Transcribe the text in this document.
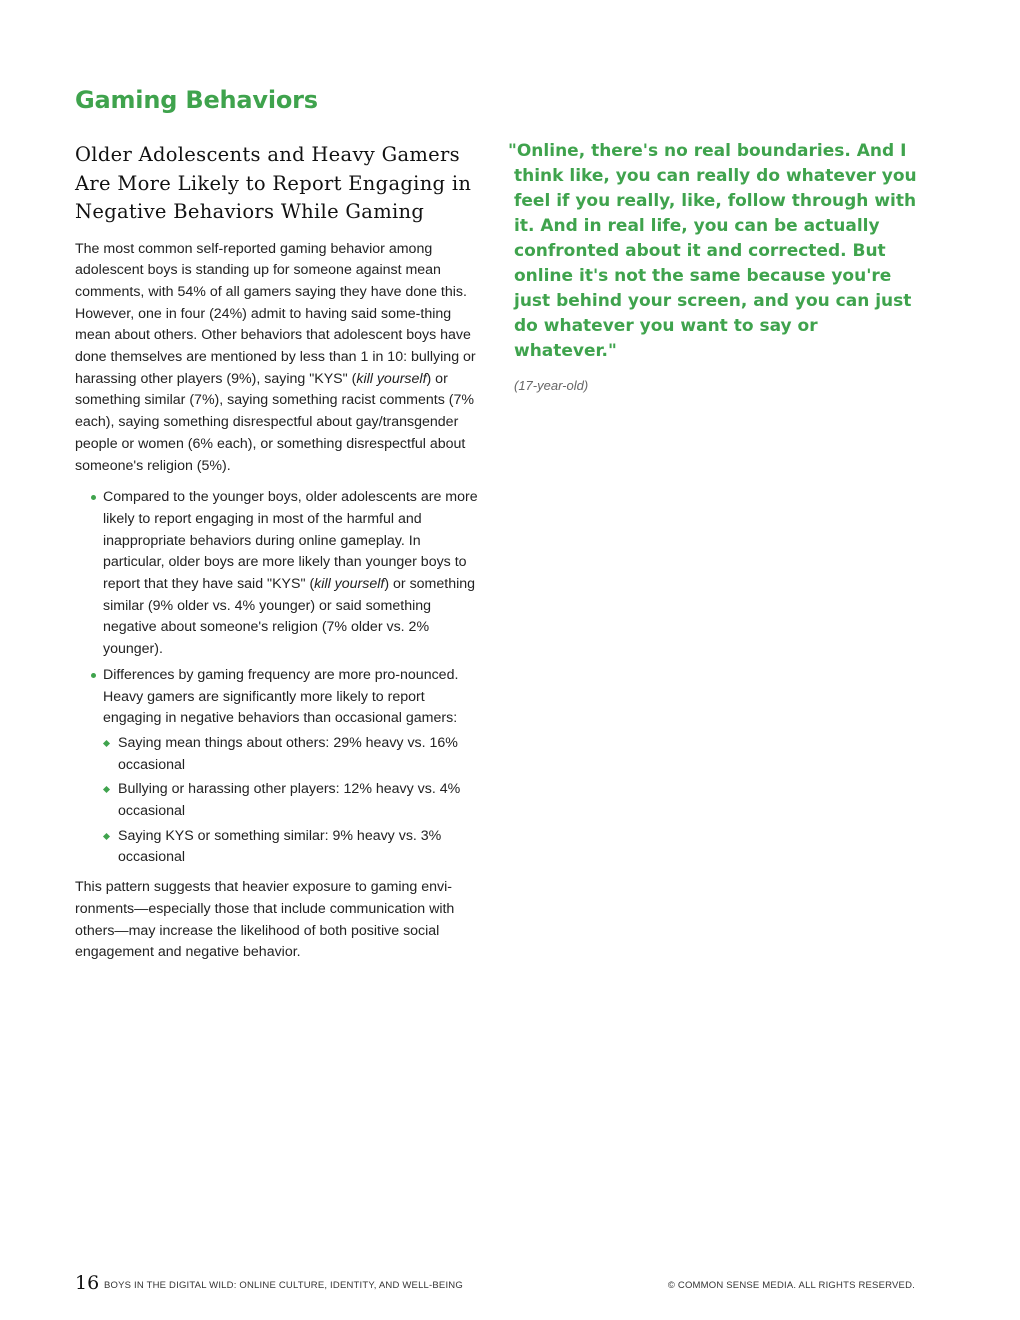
Gaming Behaviors
Older Adolescents and Heavy Gamers Are More Likely to Report Engaging in Negative Behaviors While Gaming

The most common self-reported gaming behavior among adolescent boys is standing up for someone against mean comments, with 54% of all gamers saying they have done this. However, one in four (24%) admit to having said some-thing mean about others. Other behaviors that adolescent boys have done themselves are mentioned by less than 1 in 10: bullying or harassing other players (9%), saying "KYS" (kill yourself) or something similar (7%), saying something racist comments (7% each), saying something disrespectful about gay/transgender people or women (6% each), or something disrespectful about someone's religion (5%).

Compared to the younger boys, older adolescents are more likely to report engaging in most of the harmful and inappropriate behaviors during online gameplay. In particular, older boys are more likely than younger boys to report that they have said "KYS" (kill yourself) or something similar (9% older vs. 4% younger) or said something negative about someone's religion (7% older vs. 2% younger).
Differences by gaming frequency are more pro-nounced. Heavy gamers are significantly more likely to report engaging in negative behaviors than occasional gamers:
Saying mean things about others: 29% heavy vs. 16% occasional
Bullying or harassing other players: 12% heavy vs. 4% occasional
Saying KYS or something similar: 9% heavy vs. 3% occasional

This pattern suggests that heavier exposure to gaming envi-ronments—especially those that include communication with others—may increase the likelihood of both positive social engagement and negative behavior.

"Online, there's no real boundaries. And I think like, you can really do whatever you feel if you really, like, follow through with it. And in real life, you can be actually confronted about it and corrected. But online it's not the same because you're just behind your screen, and you can just do whatever you want to say or whatever."

(17-year-old)

16 BOYS IN THE DIGITAL WILD: ONLINE CULTURE, IDENTITY, AND WELL-BEING	© COMMON SENSE MEDIA. ALL RIGHTS RESERVED.
